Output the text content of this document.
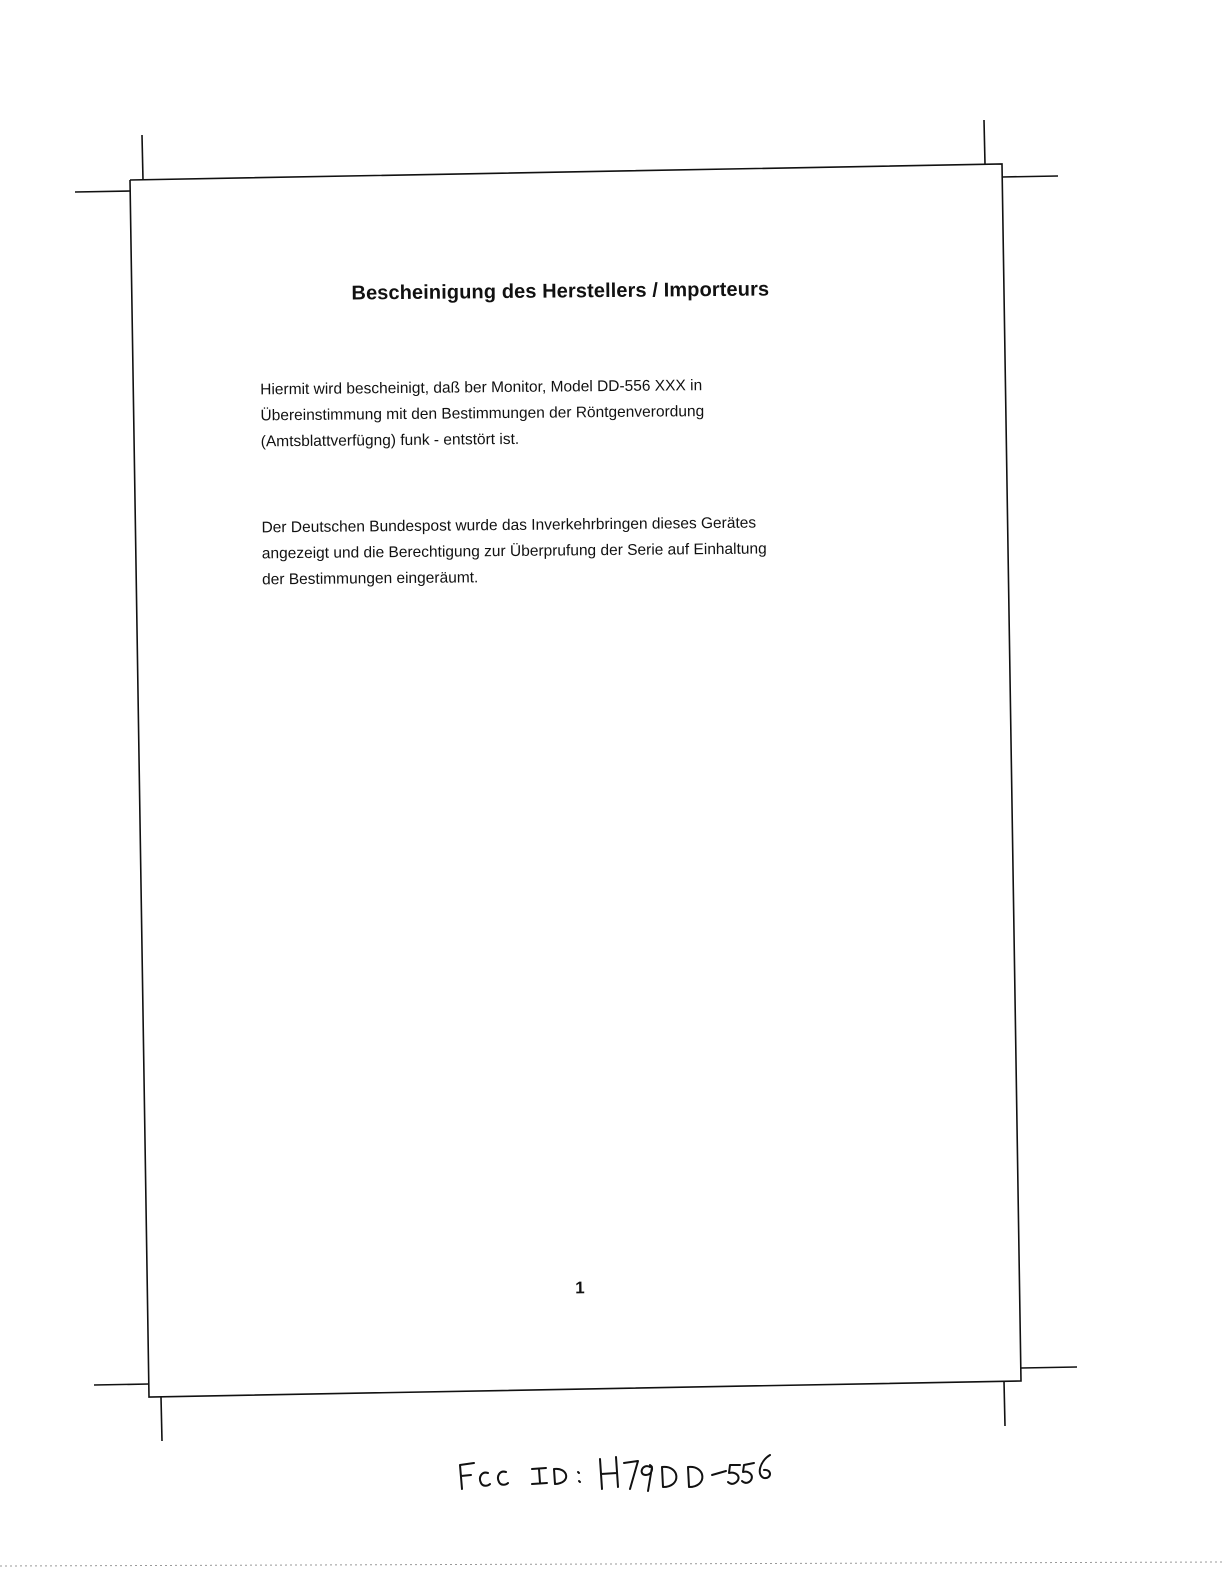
Bescheinigung des Herstellers / Importeurs

Hiermit wird bescheinigt, daß ber Monitor, Model DD-556 XXX in
Übereinstimmung mit den Bestimmungen der Röntgenverordung
(Amtsblattverfügng) funk - entstört ist.

Der Deutschen Bundespost wurde das Inverkehrbringen dieses Gerätes
angezeigt und die Berechtigung zur Überprufung der Serie auf Einhaltung
der Bestimmungen eingeräumt.

1
